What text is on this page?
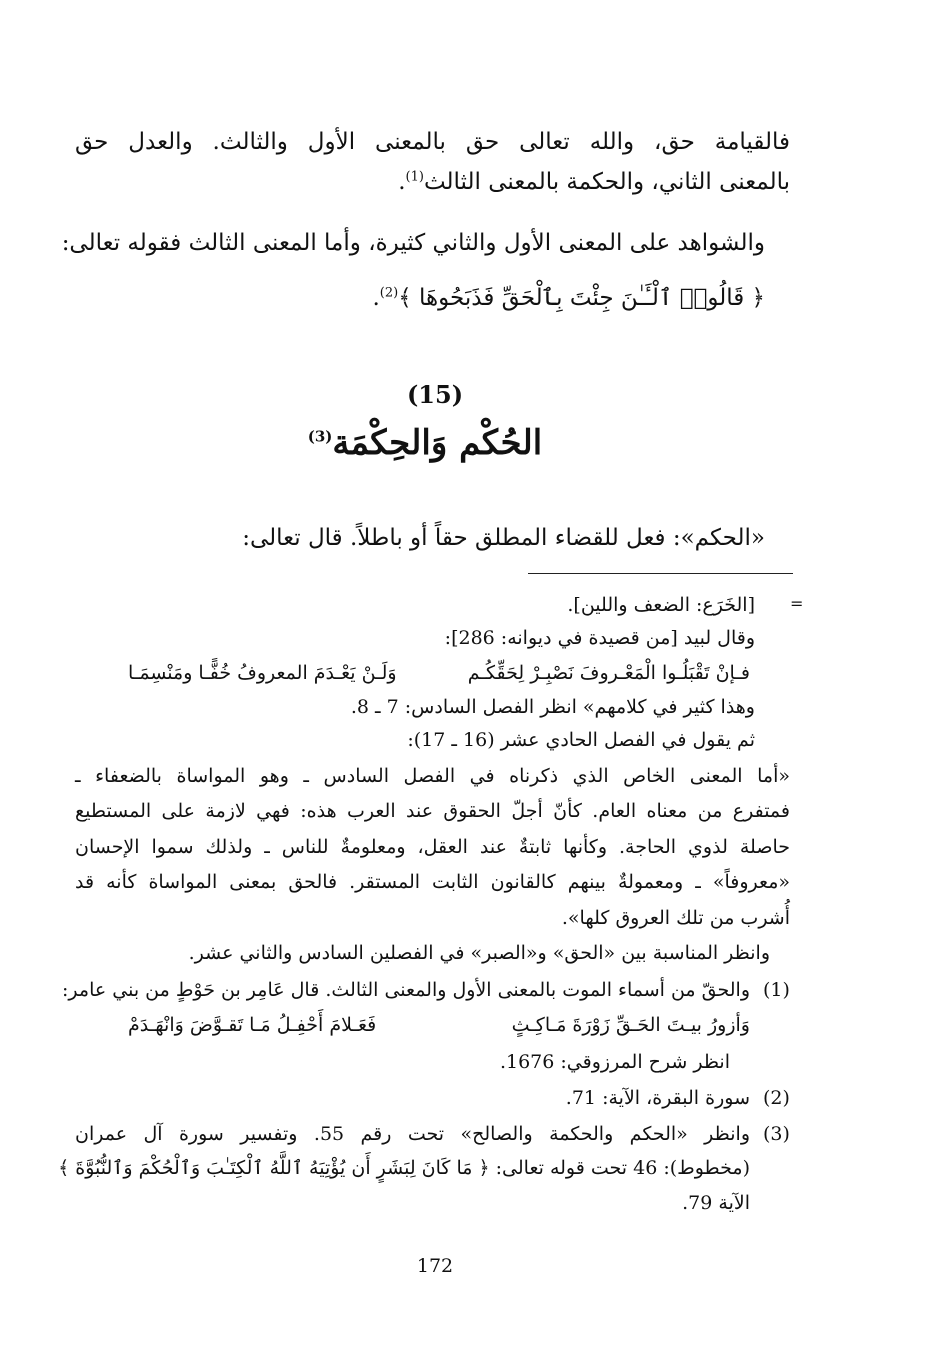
فالقيامة حق، والله تعالى حق بالمعنى الأول والثالث. والعدل حق
بالمعنى الثاني، والحكمة بالمعنى الثالث$^{(1)}$.
والشواهد على المعنى الأول والثاني كثيرة، وأما المعنى الثالث فقوله تعالى:
﴿ قَالُوا۟ ٱلْـَٔـٰنَ جِئْتَ بِٱلْحَقِّ فَذَبَحُوهَا ﴾$^{(2)}$.
(15)
الحُكْم وَالحِكْمَة$^{(3)}$
«الحكم»: فعل للقضاء المطلق حقاً أو باطلاً. قال تعالى:
=
[الخَرَع: الضعف واللين].
وقال لبيد [من قصيدة في ديوانه: 286]:
فـإنْ تَقْبَلُـوا الْمَعْـروفَ نَصْبِـرْ لِحَقِّكُـم
وَلَـنْ يَعْـدَمَ المعروفُ خُفًّـا ومَنْسِمَـا
وهذا كثير في كلامهم» انظر الفصل السادس: 7 ـ 8.
ثم يقول في الفصل الحادي عشر (16 ـ 17):
«أما المعنى الخاص الذي ذكرناه في الفصل السادس ـ وهو المواساة بالضعفاء ـ
فمتفرع من معناه العام. كأنّ أجلّ الحقوق عند العرب هذه: فهي لازمة على المستطيع
حاصلة لذوي الحاجة. وكأنها ثابتةٌ عند العقل، ومعلومةٌ للناس ـ ولذلك سموا الإحسان
«معروفاً» ـ ومعمولةٌ بينهم كالقانون الثابت المستقر. فالحق بمعنى المواساة كأنه قد
أُشرب من تلك العروق كلها».
وانظر المناسبة بين «الحق» و«الصبر» في الفصلين السادس والثاني عشر.
(1)
والحقّ من أسماء الموت بالمعنى الأول والمعنى الثالث. قال عَامِر بن حَوْطٍ من بني عامر:
وَأزورُ بيـتَ الحَـقِّ زَوْرَةَ مَـاكِـثٍ
فَعَـلامَ أَحْفِـلُ مَـا تَقـوَّضَ وَانْهَـدَمْ
انظر شرح المرزوقي: 1676.
(2)
سورة البقرة، الآية: 71.
(3)
وانظر «الحكم والحكمة والصالح» تحت رقم 55. وتفسير سورة آل عمران
(مخطوط): 46 تحت قوله تعالى: ﴿ مَا كَانَ لِبَشَرٍ أَن يُؤْتِيَهُ ٱللَّهُ ٱلْكِتَـٰبَ وَٱلْحُكْمَ وَٱلنُّبُوَّةَ ﴾
الآية 79.
172
